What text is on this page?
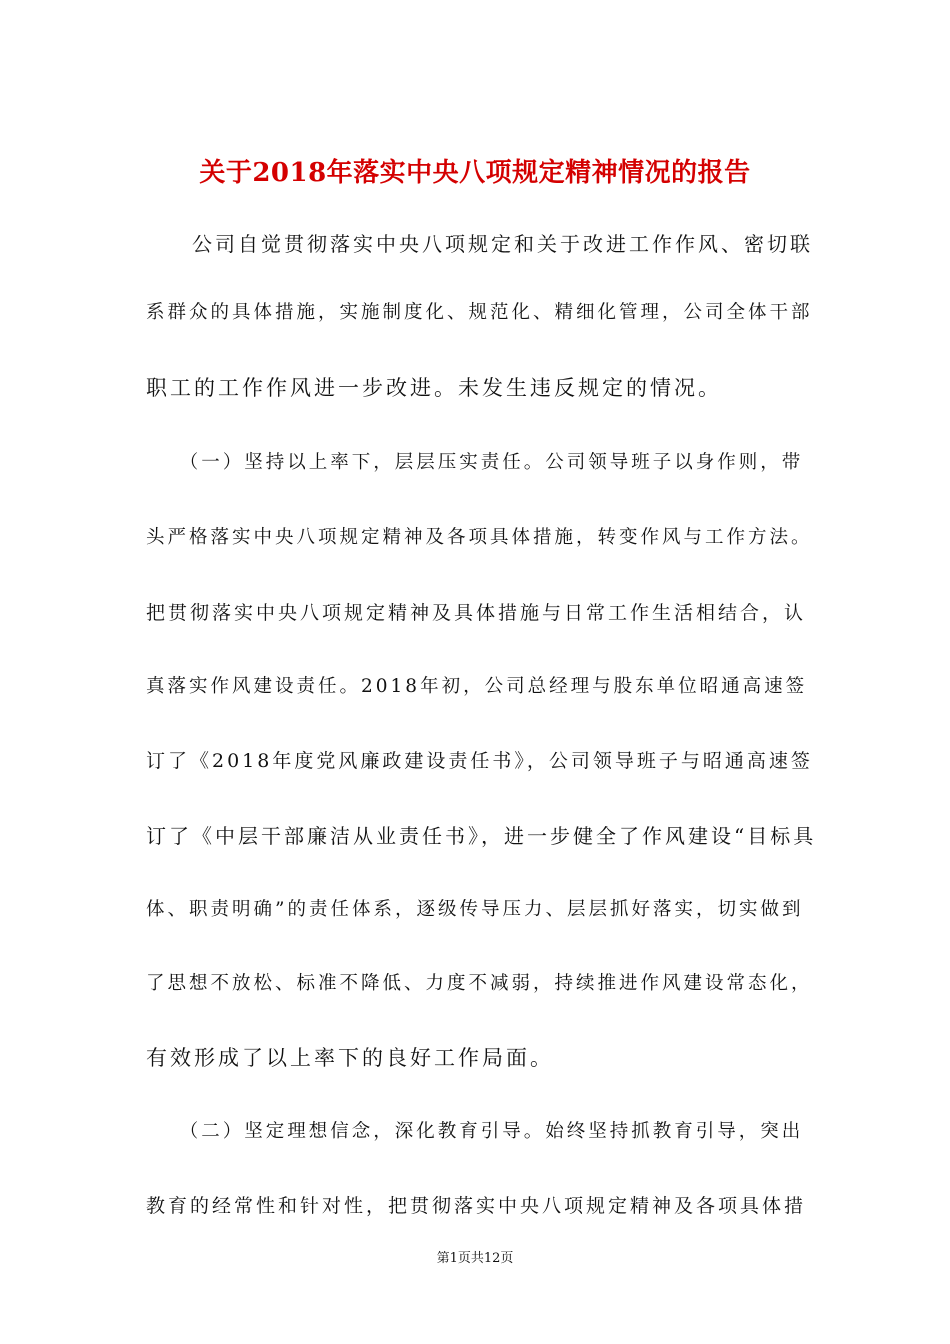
关于2018年落实中央八项规定精神情况的报告
　　公司自觉贯彻落实中央八项规定和关于改进工作作风、密切联
系群众的具体措施，实施制度化、规范化、精细化管理，公司全体干部
职工的工作作风进一步改进。未发生违反规定的情况。
　　（一）坚持以上率下，层层压实责任。公司领导班子以身作则，带
头严格落实中央八项规定精神及各项具体措施，转变作风与工作方法。
把贯彻落实中央八项规定精神及具体措施与日常工作生活相结合，认
真落实作风建设责任。2018年初，公司总经理与股东单位昭通高速签
订了《2018年度党风廉政建设责任书》，公司领导班子与昭通高速签
订了《中层干部廉洁从业责任书》，进一步健全了作风建设“目标具
体、职责明确”的责任体系，逐级传导压力、层层抓好落实，切实做到
了思想不放松、标准不降低、力度不减弱，持续推进作风建设常态化，
有效形成了以上率下的良好工作局面。
　　（二）坚定理想信念，深化教育引导。始终坚持抓教育引导，突出
教育的经常性和针对性，把贯彻落实中央八项规定精神及各项具体措
第1页共12页
